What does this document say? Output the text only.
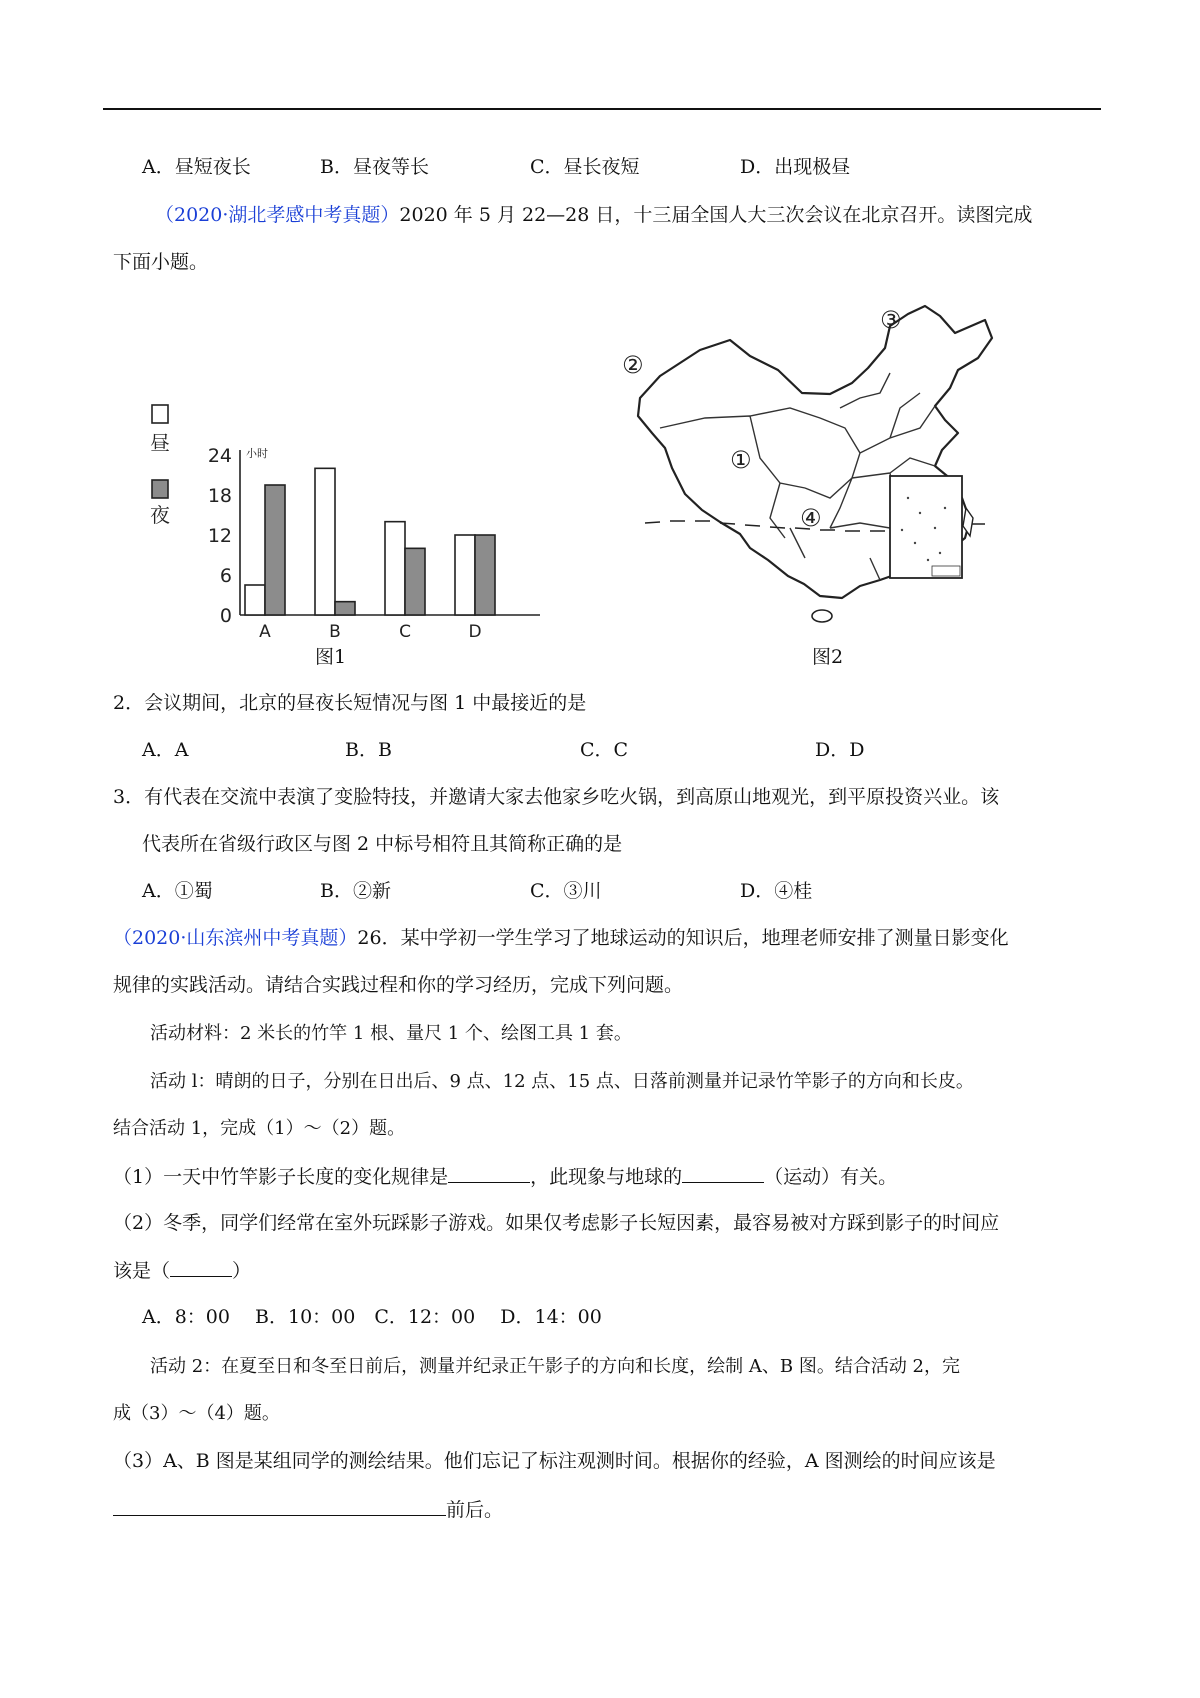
A．昼短夜长	B．昼夜等长	C．昼长夜短	D．出现极昼
（2020·湖北孝感中考真题）2020 年 5 月 22—28 日，十三届全国人大三次会议在北京召开。读图完成
下面小题。
0
6
12
18
24 小时
A	B	C	D
昼
夜
图1
①
②
③
④
图2
2．会议期间，北京的昼夜长短情况与图 1 中最接近的是
A．A	B．B	C．C	D．D
3．有代表在交流中表演了变脸特技，并邀请大家去他家乡吃火锅，到高原山地观光，到平原投资兴业。该
代表所在省级行政区与图 2 中标号相符且其简称正确的是
A．①蜀	B．②新	C．③川	D．④桂
（2020·山东滨州中考真题）26．某中学初一学生学习了地球运动的知识后，地理老师安排了测量日影变化
规律的实践活动。请结合实践过程和你的学习经历，完成下列问题。
活动材料：2 米长的竹竿 1 根、量尺 1 个、绘图工具 1 套。
活动 l：晴朗的日子，分别在日出后、9 点、12 点、15 点、日落前测量并记录竹竿影子的方向和长皮。
结合活动 1，完成（1）～（2）题。
（1）一天中竹竿影子长度的变化规律是	，此现象与地球的	（运动）有关。
（2）冬季，同学们经常在室外玩踩影子游戏。如果仅考虑影子长短因素，最容易被对方踩到影子的时间应
该是（	）
A．8：00　 B．10：00　C．12：00　 D．14：00
活动 2：在夏至日和冬至日前后，测量并纪录正午影子的方向和长度，绘制 A、B 图。结合活动 2，完
成（3）～（4）题。
（3）A、B 图是某组同学的测绘结果。他们忘记了标注观测时间。根据你的经验，A 图测绘的时间应该是
前后。
